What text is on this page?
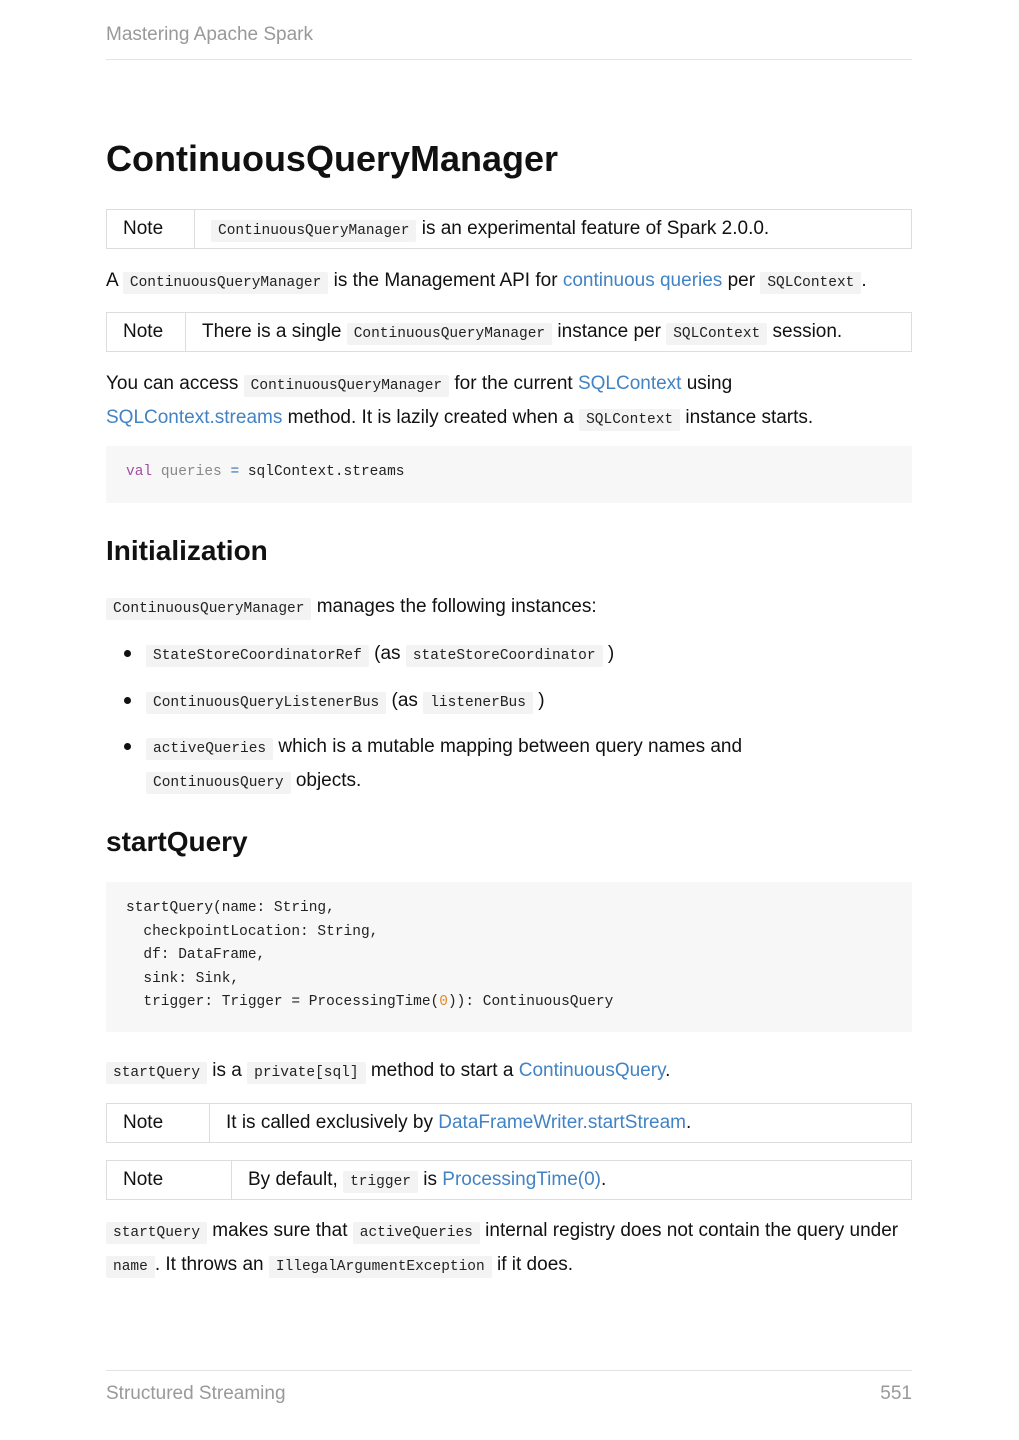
Mastering Apache Spark
ContinuousQueryManager
Note	ContinuousQueryManager is an experimental feature of Spark 2.0.0.

A ContinuousQueryManager is the Management API for continuous queries per SQLContext .

Note	There is a single ContinuousQueryManager instance per SQLContext session.

You can access ContinuousQueryManager for the current SQLContext using
SQLContext.streams method. It is lazily created when a SQLContext instance starts.

val queries = sqlContext.streams
Initialization

ContinuousQueryManager manages the following instances:

StateStoreCoordinatorRef (as stateStoreCoordinator )
ContinuousQueryListenerBus (as listenerBus )
activeQueries which is a mutable mapping between query names and
ContinuousQuery objects.
startQuery
startQuery(name: String,
checkpointLocation: String,
df: DataFrame,
sink: Sink,
trigger: Trigger = ProcessingTime(0)): ContinuousQuery

startQuery is a private[sql] method to start a ContinuousQuery.

Note	It is called exclusively by DataFrameWriter.startStream.
Note	By default, trigger is ProcessingTime(0).

startQuery makes sure that activeQueries internal registry does not contain the query under name . It throws an IllegalArgumentException if it does.

Structured Streaming	551
